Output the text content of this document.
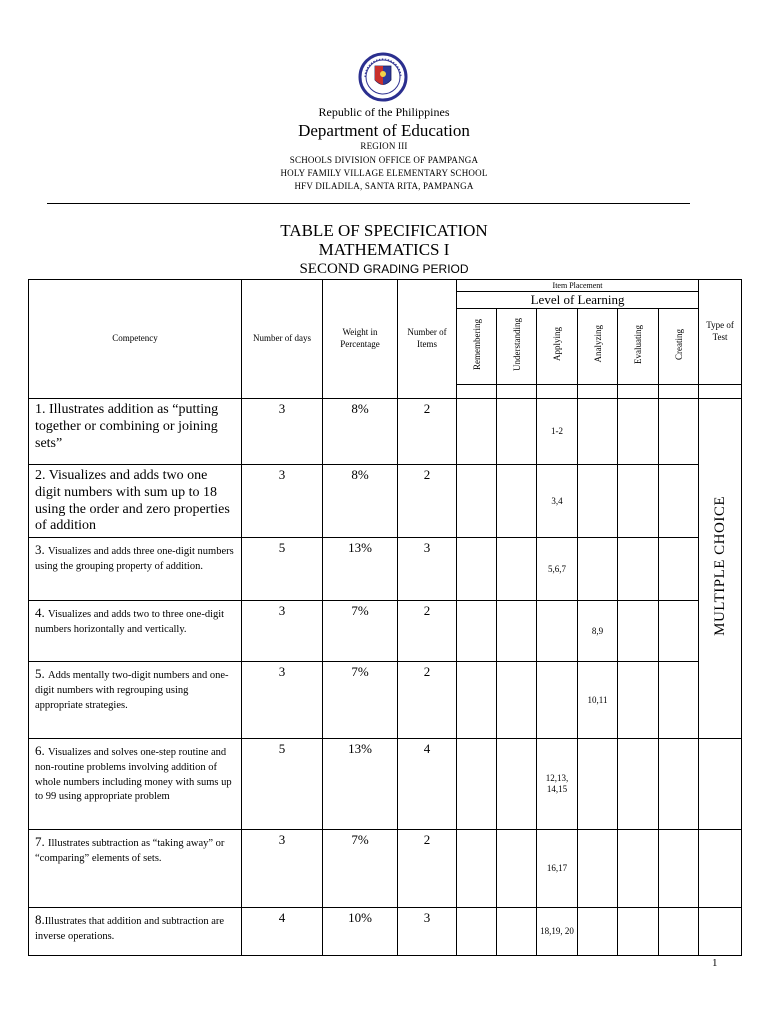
Republic of the Philippines
Department of Education
REGION III
SCHOOLS DIVISION OFFICE OF PAMPANGA
HOLY FAMILY VILLAGE ELEMENTARY SCHOOL
HFV DILADILA, SANTA RITA, PAMPANGA
TABLE OF SPECIFICATION
MATHEMATICS I
SECOND GRADING PERIOD
Competency	Number of days	Weight in Percentage	Number of Items	Item Placement						Type of Test
				Level of Learning						
				Remembering	Understanding	Applying	Analyzing	Evaluating	Creating	

1. Illustrates addition as “putting together or combining or joining sets”	3	8%	2			1-2				MULTIPLE CHOICE
2. Visualizes and adds two one digit numbers with sum up to 18 using the order and zero properties of addition	3	8%	2			3,4				
3. Visualizes and adds three one-digit numbers using the grouping property of addition.	5	13%	3			5,6,7				
4. Visualizes and adds two to three one-digit numbers horizontally and vertically.	3	7%	2				8,9			
5. Adds mentally two-digit numbers and one-digit numbers with regrouping using appropriate strategies.	3	7%	2				10,11			
6. Visualizes and solves one-step routine and non-routine problems involving addition of whole numbers including money with sums up to 99 using appropriate problem	5	13%	4			12,13, 14,15				
7. Illustrates subtraction as “taking away” or “comparing” elements of sets.	3	7%	2			16,17				
8.Illustrates that addition and subtraction are inverse operations.	4	10%	3			18,19, 20				
1
